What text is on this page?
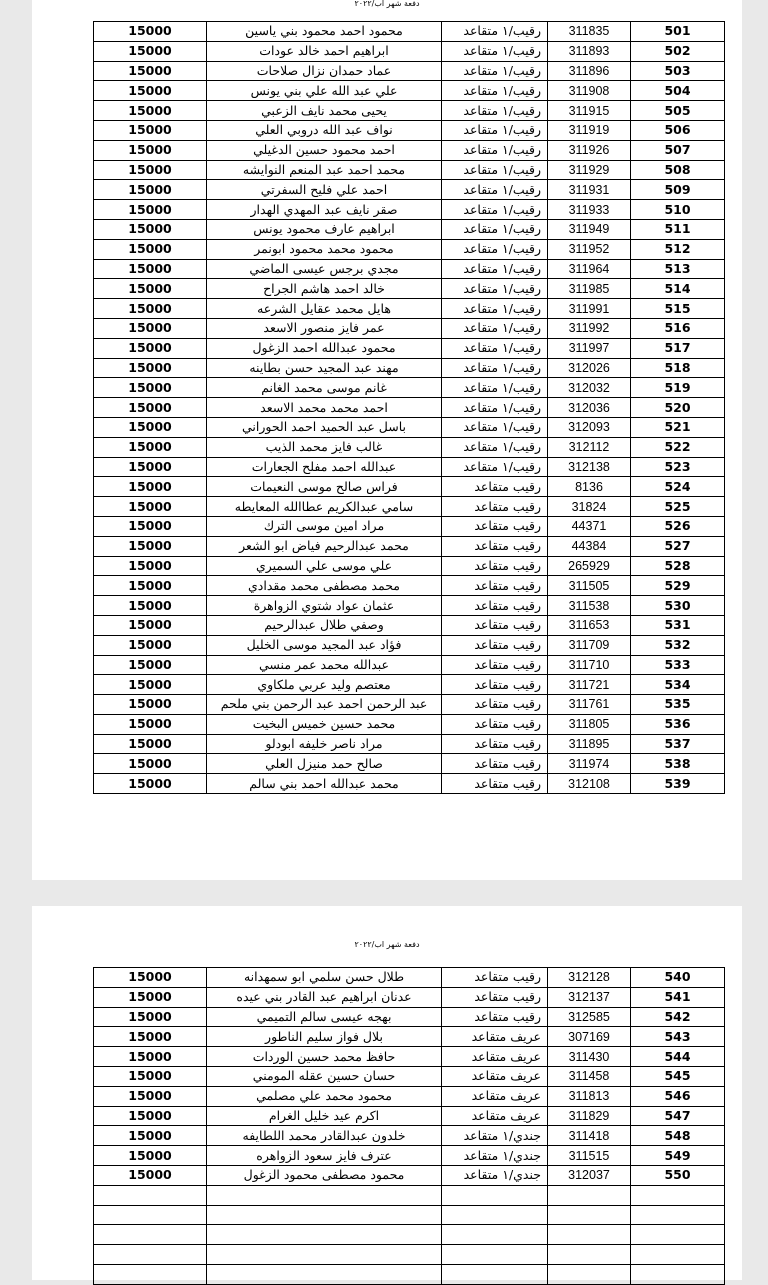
دفعة شهر اب/٢٠٢٢
15000	محمود احمد محمود بني ياسين	رقيب/١ متقاعد	311835	501
15000	ابراهيم احمد خالد عودات	رقيب/١ متقاعد	311893	502
15000	عماد حمدان نزال صلاحات	رقيب/١ متقاعد	311896	503
15000	علي عبد الله علي بني يونس	رقيب/١ متقاعد	311908	504
15000	يحيى محمد نايف الزعبي	رقيب/١ متقاعد	311915	505
15000	نواف عبد الله دروبي العلي	رقيب/١ متقاعد	311919	506
15000	احمد محمود حسين الدغيلي	رقيب/١ متقاعد	311926	507
15000	محمد احمد عبد المنعم النوايشه	رقيب/١ متقاعد	311929	508
15000	احمد علي فليح السفرتي	رقيب/١ متقاعد	311931	509
15000	صقر نايف عبد المهدي الهدار	رقيب/١ متقاعد	311933	510
15000	ابراهيم عارف محمود يونس	رقيب/١ متقاعد	311949	511
15000	محمود محمد محمود ابونمر	رقيب/١ متقاعد	311952	512
15000	مجدي برجس عيسى الماضي	رقيب/١ متقاعد	311964	513
15000	خالد احمد هاشم الجراح	رقيب/١ متقاعد	311985	514
15000	هايل محمد عقايل الشرعه	رقيب/١ متقاعد	311991	515
15000	عمر فايز منصور الاسعد	رقيب/١ متقاعد	311992	516
15000	محمود عبدالله احمد الزغول	رقيب/١ متقاعد	311997	517
15000	مهند عبد المجيد حسن بطاينه	رقيب/١ متقاعد	312026	518
15000	غانم موسى محمد الغانم	رقيب/١ متقاعد	312032	519
15000	احمد محمد محمد الاسعد	رقيب/١ متقاعد	312036	520
15000	باسل عبد الحميد احمد الحوراني	رقيب/١ متقاعد	312093	521
15000	غالب فايز محمد الذيب	رقيب/١ متقاعد	312112	522
15000	عبدالله احمد مفلح الجعارات	رقيب/١ متقاعد	312138	523
15000	فراس صالح موسى النعيمات	رقيب متقاعد	8136	524
15000	سامي عبدالكريم عطاالله المعايطه	رقيب متقاعد	31824	525
15000	مراد امين موسى الترك	رقيب متقاعد	44371	526
15000	محمد عبدالرحيم فياض ابو الشعر	رقيب متقاعد	44384	527
15000	علي موسى علي السميري	رقيب متقاعد	265929	528
15000	محمد مصطفى محمد مقدادي	رقيب متقاعد	311505	529
15000	عثمان عواد شتوي الزواهرة	رقيب متقاعد	311538	530
15000	وصفي طلال عبدالرحيم	رقيب متقاعد	311653	531
15000	فؤاد عبد المجيد موسى الخليل	رقيب متقاعد	311709	532
15000	عبدالله محمد عمر منسي	رقيب متقاعد	311710	533
15000	معتصم وليد عربي ملكاوي	رقيب متقاعد	311721	534
15000	عبد الرحمن احمد عبد الرحمن بني ملحم	رقيب متقاعد	311761	535
15000	محمد حسين خميس البخيت	رقيب متقاعد	311805	536
15000	مراد ناصر خليفه ابودلو	رقيب متقاعد	311895	537
15000	صالح حمد منيزل العلي	رقيب متقاعد	311974	538
15000	محمد عبدالله احمد بني سالم	رقيب متقاعد	312108	539
دفعة شهر اب/٢٠٢٢
15000	طلال حسن سلمي ابو سمهدانه	رقيب متقاعد	312128	540
15000	عدنان ابراهيم عبد القادر بني عيده	رقيب متقاعد	312137	541
15000	بهجه عيسى سالم التميمي	رقيب متقاعد	312585	542
15000	بلال فواز سليم الناطور	عريف متقاعد	307169	543
15000	حافظ محمد حسين الوردات	عريف متقاعد	311430	544
15000	حسان حسين عقله المومني	عريف متقاعد	311458	545
15000	محمود محمد علي مصلمي	عريف متقاعد	311813	546
15000	اكرم عيد خليل الغرام	عريف متقاعد	311829	547
15000	خلدون عبدالقادر محمد اللطايفه	جندي/١ متقاعد	311418	548
15000	عترف فايز سعود الزواهره	جندي/١ متقاعد	311515	549
15000	محمود مصطفى محمود الزغول	جندي/١ متقاعد	312037	550
